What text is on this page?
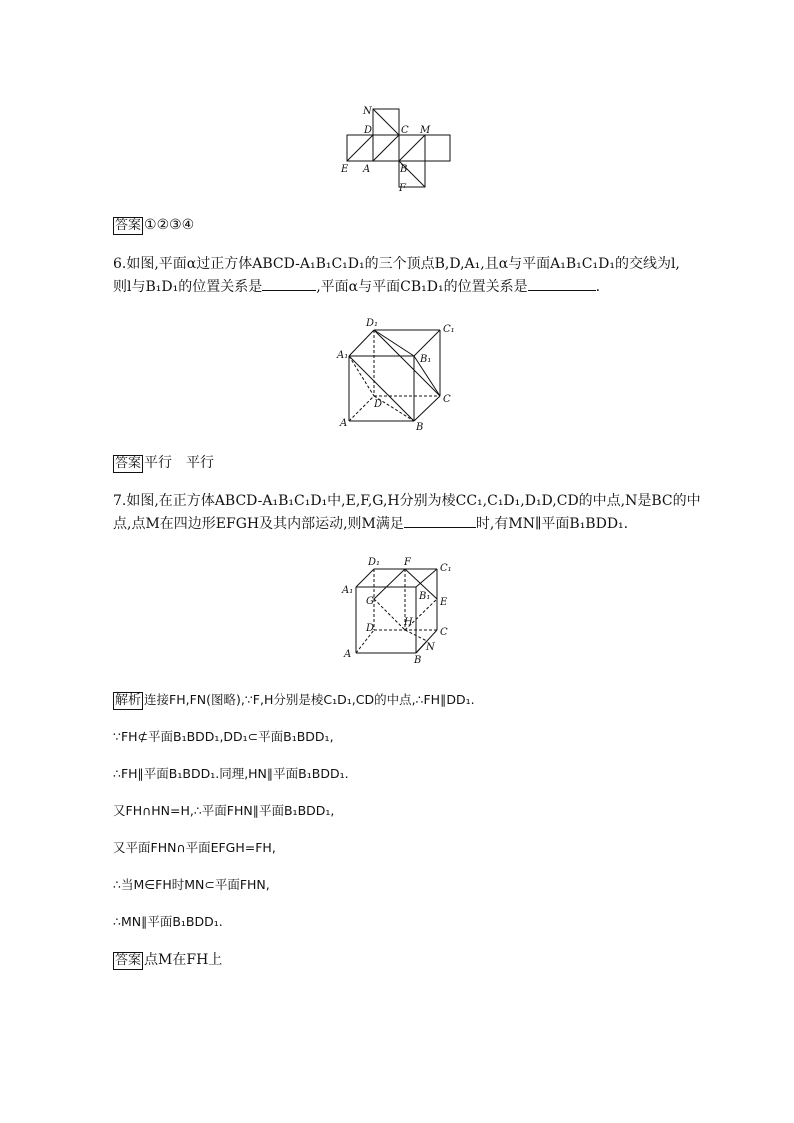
N
D	C M
E A	B
F
答案 ①②③④
6.如图,平面α过正方体ABCD-A₁B₁C₁D₁的三个顶点B,D,A₁,且α与平面A₁B₁C₁D₁的交线为l,
则l与B₁D₁的位置关系是	,平面α与平面CB₁D₁的位置关系是	.
D₁
C₁
A₁	B₁
D	C
A	B
答案 平行　平行
7.如图,在正方体ABCD-A₁B₁C₁D₁中,E,F,G,H分别为棱CC₁,C₁D₁,D₁D,CD的中点,N是BC的中
点,点M在四边形EFGH及其内部运动,则M满足	时,有MN∥平面B₁BDD₁.
D₁ F
C₁
A₁
G	B₁
E
H
D	C
N
A
B
解析 连接FH,FN(图略),∵F,H分别是棱C₁D₁,CD的中点,∴FH∥DD₁.
∵FH⊄平面B₁BDD₁,DD₁⊂平面B₁BDD₁,
∴FH∥平面B₁BDD₁.同理,HN∥平面B₁BDD₁.
又FH∩HN=H,∴平面FHN∥平面B₁BDD₁,
又平面FHN∩平面EFGH=FH,
∴当M∈FH时MN⊂平面FHN,
∴MN∥平面B₁BDD₁.
答案 点M在FH上
